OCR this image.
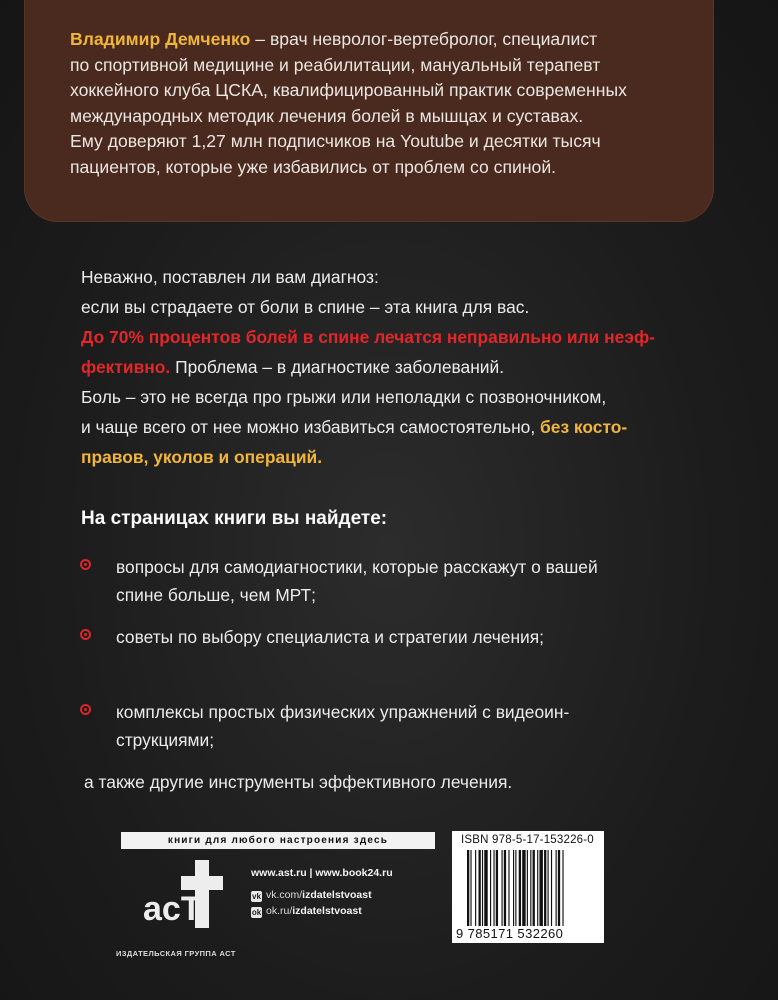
Владимир Демченко – врач невролог-вертебролог, специалист
по спортивной медицине и реабилитации, мануальный терапевт
хоккейного клуба ЦСКА, квалифицированный практик современных
международных методик лечения болей в мышцах и суставах.
Ему доверяют 1,27 млн подписчиков на Youtube и десятки тысяч
пациентов, которые уже избавились от проблем со спиной.
Неважно, поставлен ли вам диагноз:
если вы страдаете от боли в спине – эта книга для вас.
До 70% процентов болей в спине лечатся неправильно или неэф-
фективно. Проблема – в диагностике заболеваний.
Боль – это не всегда про грыжи или неполадки с позвоночником,
и чаще всего от нее можно избавиться самостоятельно, без косто-
правов, уколов и операций.
На страницах книги вы найдете:
вопросы для самодиагностики, которые расскажут о вашей
спине больше, чем МРТ;
советы по выбору специалиста и стратегии лечения;
комплексы простых физических упражнений с видеоин-
струкциями;
а также другие инструменты эффективного лечения.
книги для любого настроения здесь
acT
ИЗДАТЕЛЬСКАЯ ГРУППА АСТ
www.ast.ru | www.book24.ru
vk vk.com/izdatelstvoast
ok ok.ru/izdatelstvoast
ISBN 978-5-17-153226-0
9 785171 532260
